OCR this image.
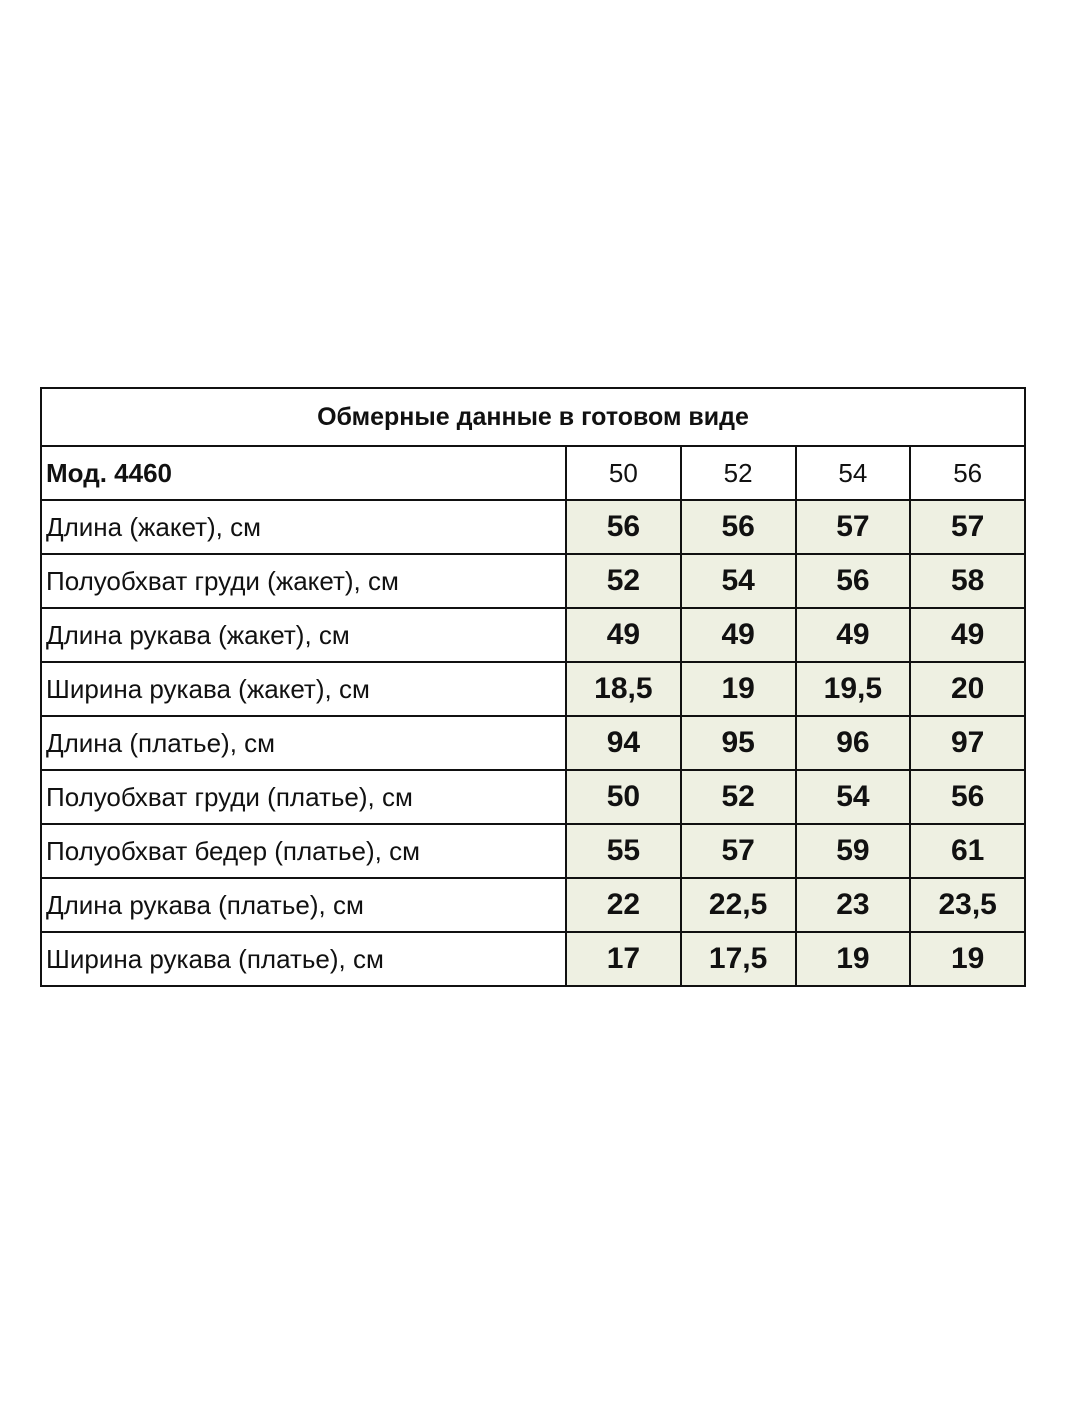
Обмерные данные в готовом виде				
Мод. 4460	50	52	54	56
Длина (жакет), см	56	56	57	57
Полуобхват груди (жакет), см	52	54	56	58
Длина рукава (жакет), см	49	49	49	49
Ширина рукава (жакет), см	18,5	19	19,5	20
Длина (платье), см	94	95	96	97
Полуобхват груди (платье), см	50	52	54	56
Полуобхват бедер (платье), см	55	57	59	61
Длина рукава (платье), см	22	22,5	23	23,5
Ширина рукава (платье), см	17	17,5	19	19
